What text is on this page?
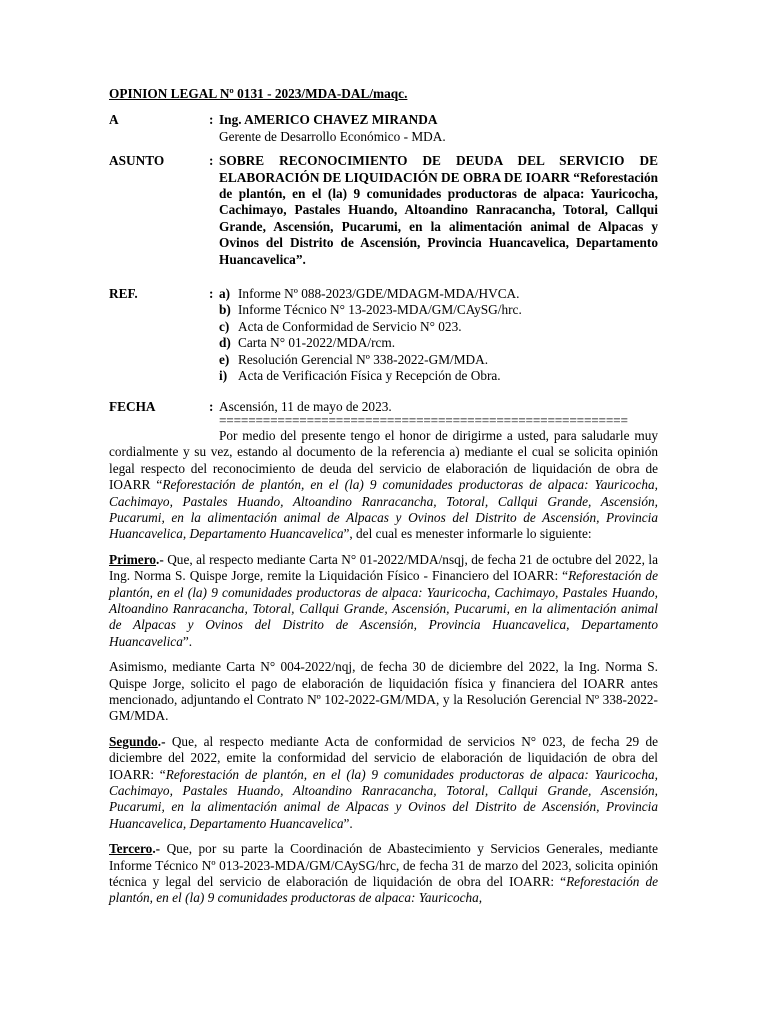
OPINION LEGAL Nº 0131 - 2023/MDA-DAL/maqc.

A	: Ing. AMERICO CHAVEZ MIRANDA
Gerente de Desarrollo Económico - MDA.
ASUNTO	: SOBRE RECONOCIMIENTO DE DEUDA DEL SERVICIO DE ELABORACIÓN DE LIQUIDACIÓN DE OBRA DE IOARR “Reforestación de plantón, en el (la) 9 comunidades productoras de alpaca: Yauricocha, Cachimayo, Pastales Huando, Altoandino Ranracancha, Totoral, Callqui Grande, Ascensión, Pucarumi, en la alimentación animal de Alpacas y Ovinos del Distrito de Ascensión, Provincia Huancavelica, Departamento Huancavelica”.
REF.	: a) Informe Nº 088-2023/GDE/MDAGM-MDA/HVCA.
b) Informe Técnico N° 13-2023-MDA/GM/CAySG/hrc.
c) Acta de Conformidad de Servicio N° 023.
d) Carta N° 01-2022/MDA/rcm.
e) Resolución Gerencial Nº 338-2022-GM/MDA.
i) Acta de Verificación Física y Recepción de Obra.
FECHA	: Ascensión, 11 de mayo de 2023.
========================================================

Por medio del presente tengo el honor de dirigirme a usted, para saludarle muy cordialmente y su vez, estando al documento de la referencia a) mediante el cual se solicita opinión legal respecto del reconocimiento de deuda del servicio de elaboración de liquidación de obra de IOARR “Reforestación de plantón, en el (la) 9 comunidades productoras de alpaca: Yauricocha, Cachimayo, Pastales Huando, Altoandino Ranracancha, Totoral, Callqui Grande, Ascensión, Pucarumi, en la alimentación animal de Alpacas y Ovinos del Distrito de Ascensión, Provincia Huancavelica, Departamento Huancavelica”, del cual es menester informarle lo siguiente:

Primero.- Que, al respecto mediante Carta N° 01-2022/MDA/nsqj, de fecha 21 de octubre del 2022, la Ing. Norma S. Quispe Jorge, remite la Liquidación Físico - Financiero del IOARR: “Reforestación de plantón, en el (la) 9 comunidades productoras de alpaca: Yauricocha, Cachimayo, Pastales Huando, Altoandino Ranracancha, Totoral, Callqui Grande, Ascensión, Pucarumi, en la alimentación animal de Alpacas y Ovinos del Distrito de Ascensión, Provincia Huancavelica, Departamento Huancavelica”.

Asimismo, mediante Carta N° 004-2022/nqj, de fecha 30 de diciembre del 2022, la Ing. Norma S. Quispe Jorge, solicito el pago de elaboración de liquidación física y financiera del IOARR antes mencionado, adjuntando el Contrato Nº 102-2022-GM/MDA, y la Resolución Gerencial Nº 338-2022-GM/MDA.

Segundo.- Que, al respecto mediante Acta de conformidad de servicios N° 023, de fecha 29 de diciembre del 2022, emite la conformidad del servicio de elaboración de liquidación de obra del IOARR: “Reforestación de plantón, en el (la) 9 comunidades productoras de alpaca: Yauricocha, Cachimayo, Pastales Huando, Altoandino Ranracancha, Totoral, Callqui Grande, Ascensión, Pucarumi, en la alimentación animal de Alpacas y Ovinos del Distrito de Ascensión, Provincia Huancavelica, Departamento Huancavelica”.

Tercero.- Que, por su parte la Coordinación de Abastecimiento y Servicios Generales, mediante Informe Técnico Nº 013-2023-MDA/GM/CAySG/hrc, de fecha 31 de marzo del 2023, solicita opinión técnica y legal del servicio de elaboración de liquidación de obra del IOARR: “Reforestación de plantón, en el (la) 9 comunidades productoras de alpaca: Yauricocha,
